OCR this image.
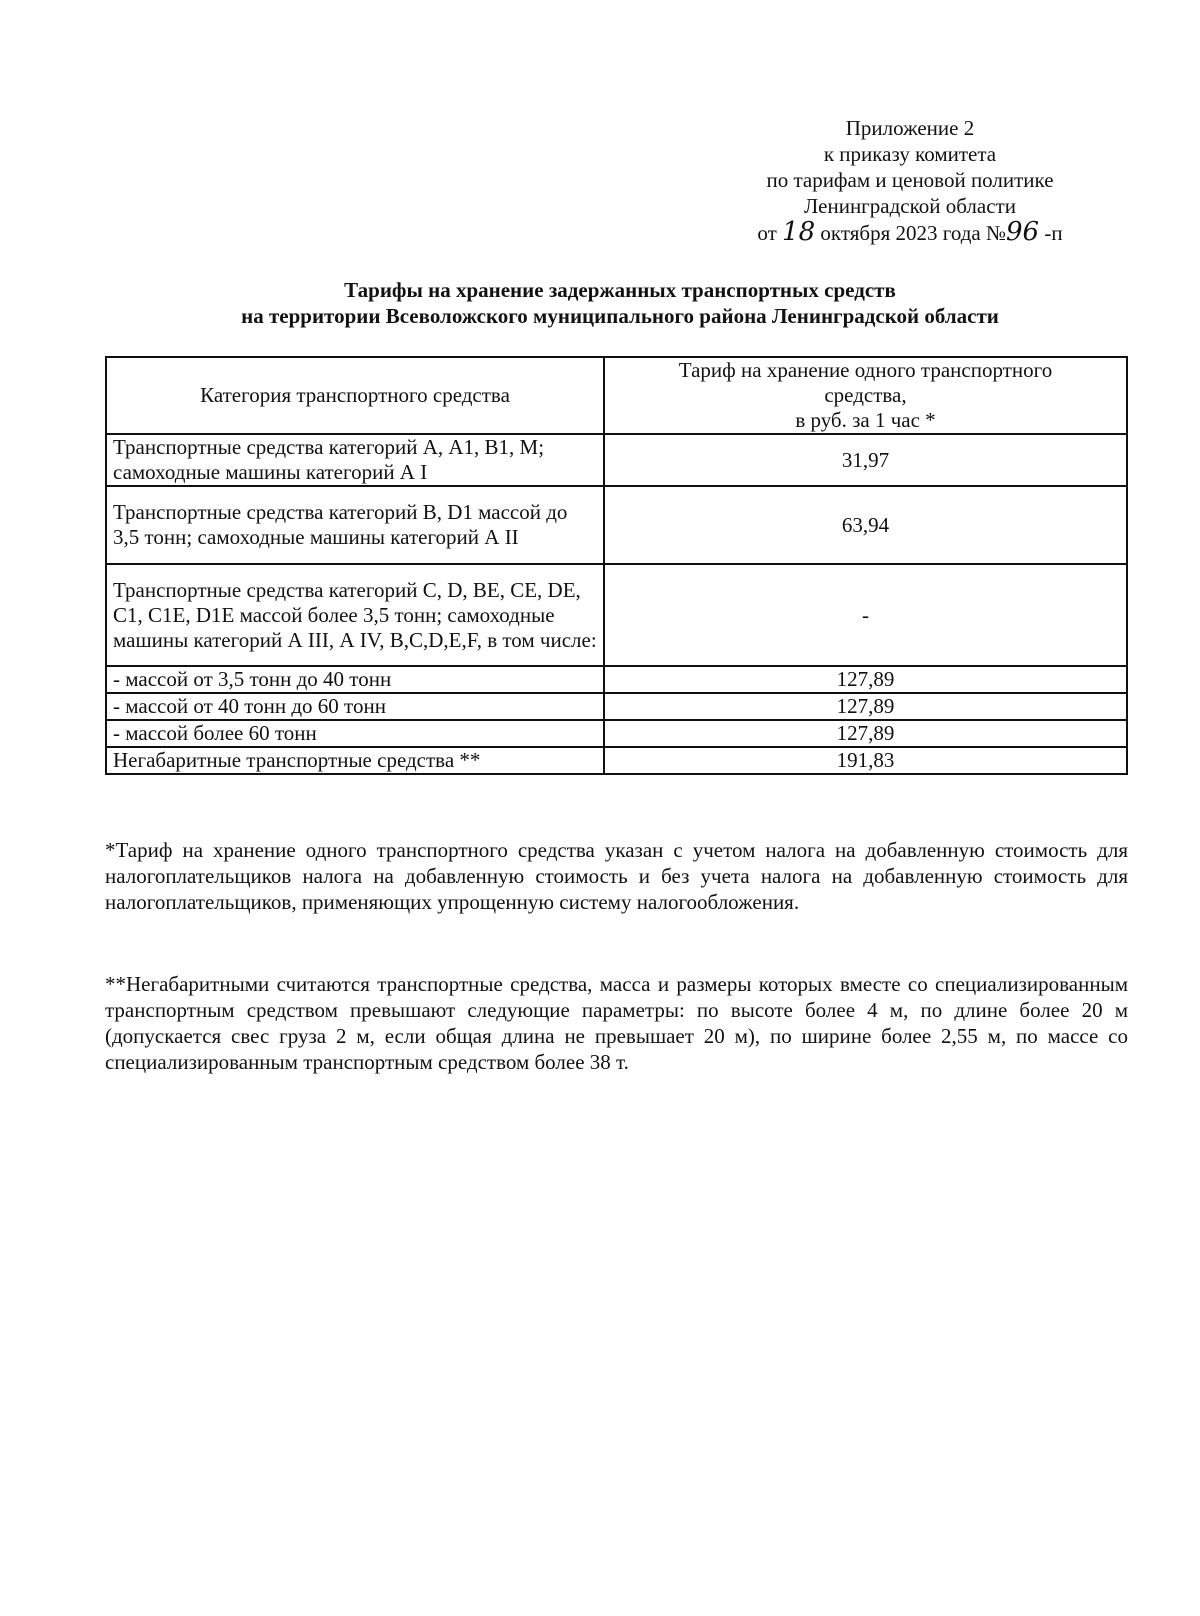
Приложение 2
к приказу комитета
по тарифам и ценовой политике
Ленинградской области
от 18 октября 2023 года №96 -п
Тарифы на хранение задержанных транспортных средств
на территории Всеволожского муниципального района Ленинградской области
Категория транспортного средства	Тариф на хранение одного транспортного
средства,
в руб. за 1 час *

Транспортные средства категорий А, А1, В1, М; самоходные машины категорий А I	31,97
Транспортные средства категорий B, D1 массой до 3,5 тонн; самоходные машины категорий А II	63,94
Транспортные средства категорий C, D, BE, CE, DE, C1, C1E, D1E массой более 3,5 тонн; самоходные машины категорий А III, А IV, B,C,D,E,F, в том числе:	-
- массой от 3,5 тонн до 40 тонн	127,89
- массой от 40 тонн до 60 тонн	127,89
- массой более 60 тонн	127,89
Негабаритные транспортные средства **	191,83

*Тариф на хранение одного транспортного средства указан с учетом налога на добавленную стоимость для налогоплательщиков налога на добавленную стоимость и без учета налога на добавленную стоимость для налогоплательщиков, применяющих упрощенную систему налогообложения.

**Негабаритными считаются транспортные средства, масса и размеры которых вместе со специализированным транспортным средством превышают следующие параметры: по высоте более 4 м, по длине более 20 м (допускается свес груза 2 м, если общая длина не превышает 20 м), по ширине более 2,55 м, по массе со специализированным транспортным средством более 38 т.
